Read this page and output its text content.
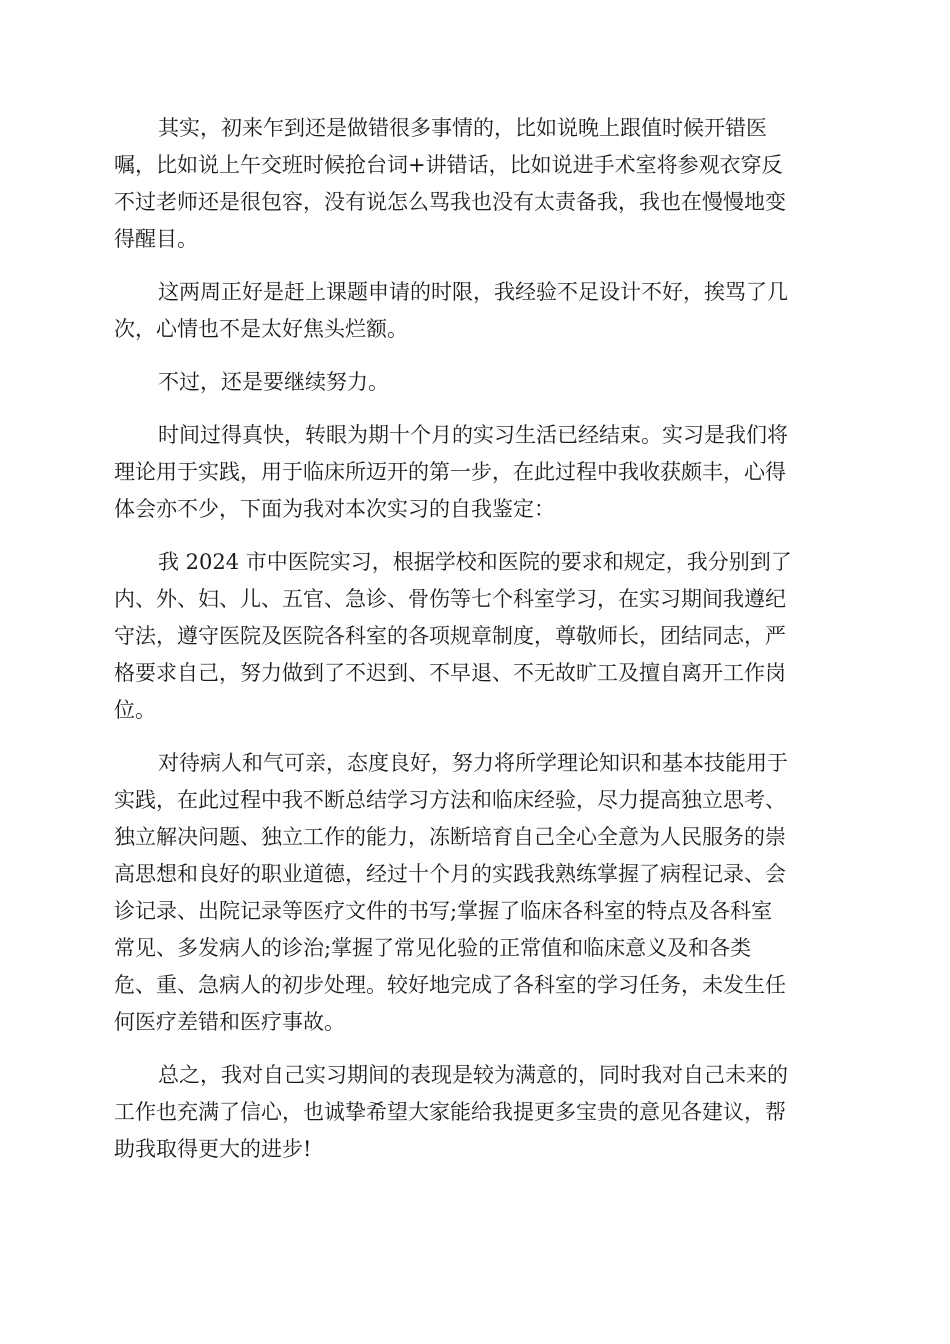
其实，初来乍到还是做错很多事情的，比如说晚上跟值时候开错医
嘱，比如说上午交班时候抢台词+讲错话，比如说进手术室将参观衣穿反
不过老师还是很包容，没有说怎么骂我也没有太责备我，我也在慢慢地变
得醒目。
这两周正好是赶上课题申请的时限，我经验不足设计不好，挨骂了几
次，心情也不是太好焦头烂额。
不过，还是要继续努力。
时间过得真快，转眼为期十个月的实习生活已经结束。实习是我们将
理论用于实践，用于临床所迈开的第一步，在此过程中我收获颇丰，心得
体会亦不少，下面为我对本次实习的自我鉴定：
我 2024 市中医院实习，根据学校和医院的要求和规定，我分别到了
内、外、妇、儿、五官、急诊、骨伤等七个科室学习，在实习期间我遵纪
守法，遵守医院及医院各科室的各项规章制度，尊敬师长，团结同志，严
格要求自己，努力做到了不迟到、不早退、不无故旷工及擅自离开工作岗
位。
对待病人和气可亲，态度良好，努力将所学理论知识和基本技能用于
实践，在此过程中我不断总结学习方法和临床经验，尽力提高独立思考、
独立解决问题、独立工作的能力，冻断培育自己全心全意为人民服务的崇
高思想和良好的职业道德，经过十个月的实践我熟练掌握了病程记录、会
诊记录、出院记录等医疗文件的书写;掌握了临床各科室的特点及各科室
常见、多发病人的诊治;掌握了常见化验的正常值和临床意义及和各类
危、重、急病人的初步处理。较好地完成了各科室的学习任务，未发生任
何医疗差错和医疗事故。
总之，我对自己实习期间的表现是较为满意的，同时我对自己未来的
工作也充满了信心，也诚挚希望大家能给我提更多宝贵的意见各建议，帮
助我取得更大的进步!
